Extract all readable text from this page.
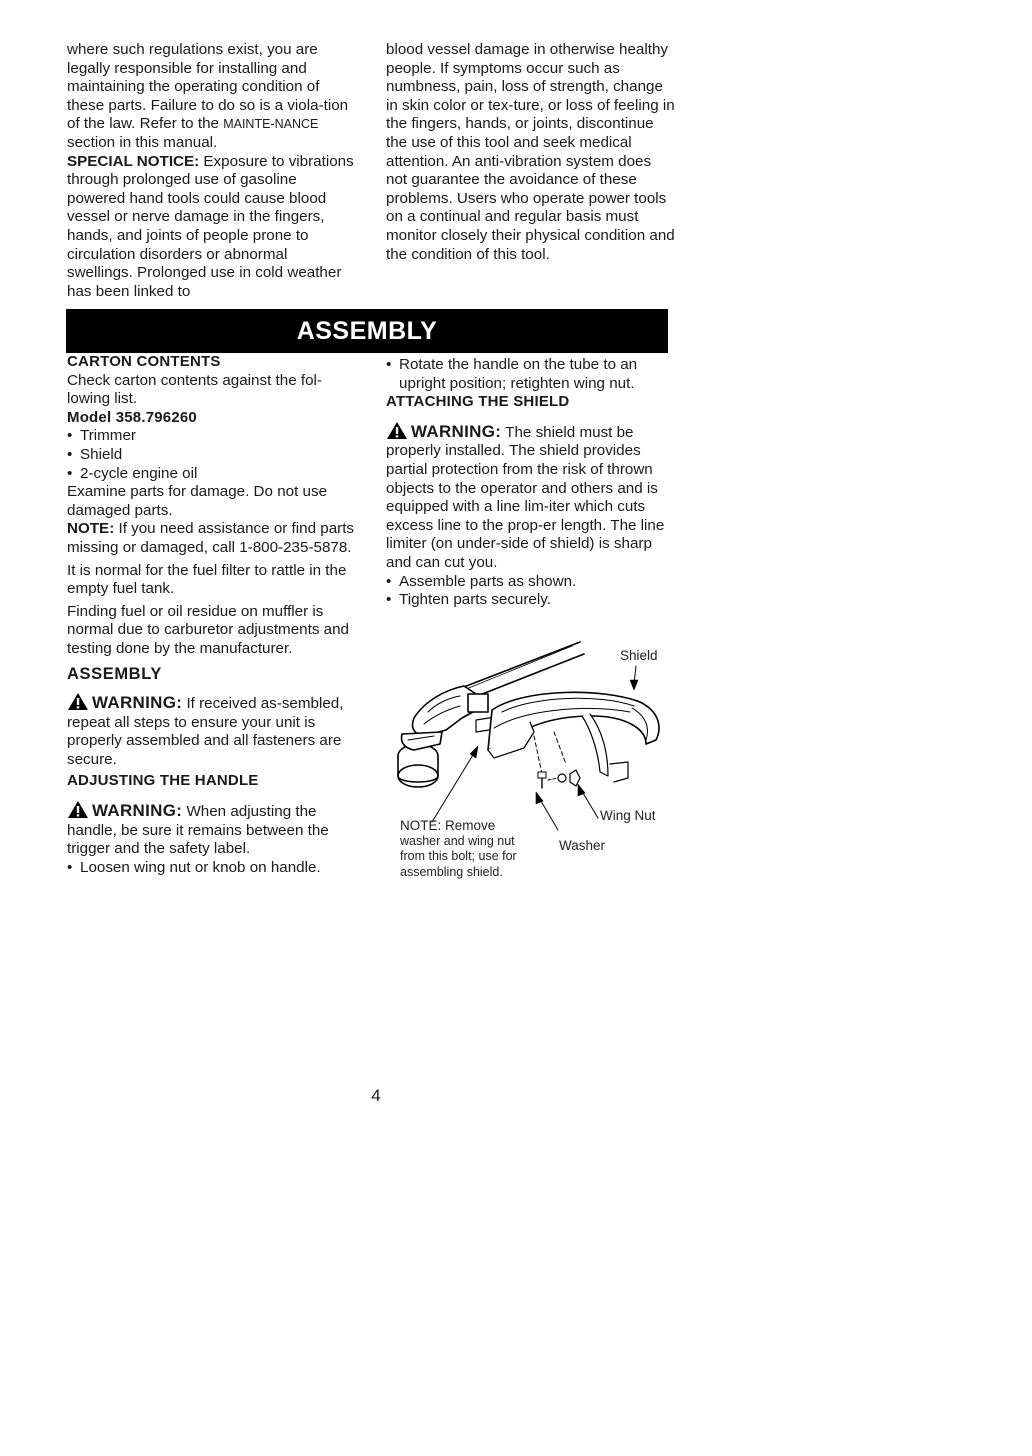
where such regulations exist, you are legally responsible for installing and maintaining the operating condition of these parts. Failure to do so is a viola-tion of the law. Refer to the MAINTE-NANCE section in this manual.

SPECIAL NOTICE: Exposure to vibrations through prolonged use of gasoline powered hand tools could cause blood vessel or nerve damage in the fingers, hands, and joints of people prone to circulation disorders or abnormal swellings. Prolonged use in cold weather has been linked to

blood vessel damage in otherwise healthy people. If symptoms occur such as numbness, pain, loss of strength, change in skin color or tex-ture, or loss of feeling in the fingers, hands, or joints, discontinue the use of this tool and seek medical attention. An anti-vibration system does not guarantee the avoidance of these problems. Users who operate power tools on a continual and regular basis must monitor closely their physical condition and the condition of this tool.

ASSEMBLY

CARTON CONTENTS

Check carton contents against the fol-lowing list.

Model 358.796260

• Trimmer

• Shield

• 2-cycle engine oil

Examine parts for damage. Do not use damaged parts.

NOTE: If you need assistance or find parts missing or damaged, call 1-800-235-5878.

It is normal for the fuel filter to rattle in the empty fuel tank.

Finding fuel or oil residue on muffler is normal due to carburetor adjustments and testing done by the manufacturer.

ASSEMBLY

WARNING: If received as-sembled, repeat all steps to ensure your unit is properly assembled and all fasteners are secure.

ADJUSTING THE HANDLE

WARNING: When adjusting the handle, be sure it remains between the trigger and the safety label.

• Loosen wing nut or knob on handle.

• Rotate the handle on the tube to an upright position; retighten wing nut.

ATTACHING THE SHIELD

WARNING: The shield must be properly installed. The shield provides partial protection from the risk of thrown objects to the operator and others and is equipped with a line lim-iter which cuts excess line to the prop-er length. The line limiter (on under-side of shield) is sharp and can cut you.

• Assemble parts as shown.

• Tighten parts securely.

Shield
Wing Nut
Washer
NOTE: Remove
washer and wing nut from this bolt; use for assembling shield.
4
